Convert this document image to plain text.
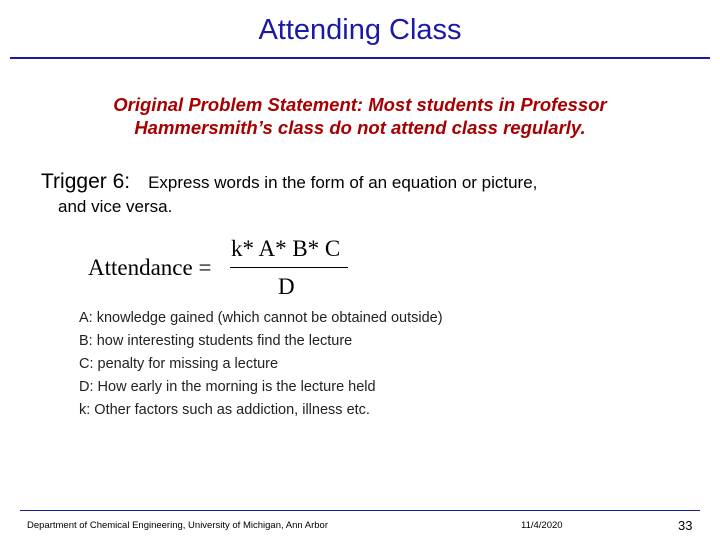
Attending Class
Original Problem Statement: Most students in Professor Hammersmith’s class do not attend class regularly.
Trigger 6: Express words in the form of an equation or picture,
and vice versa.
Attendance =
k* A* B* C
D
A: knowledge gained (which cannot be obtained outside)
B: how interesting students find the lecture
C: penalty for missing a lecture
D: How early in the morning is the lecture held
k: Other factors such as addiction, illness etc.
Department of Chemical Engineering, University of Michigan, Ann Arbor	11/4/2020	33
